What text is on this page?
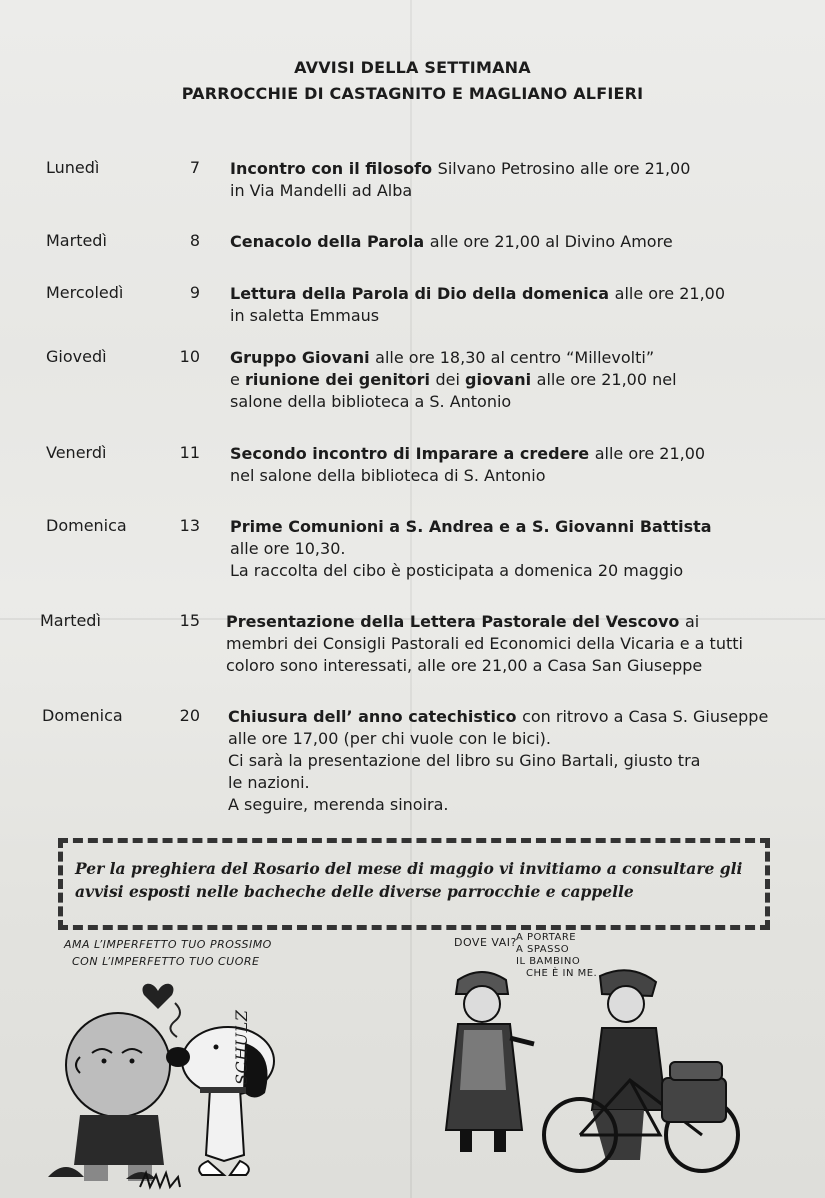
AVVISI DELLA SETTIMANA
PARROCCHIE DI CASTAGNITO E MAGLIANO ALFIERI
Lunedì	7 Incontro con il filosofo Silvano Petrosino alle ore 21,00
in Via Mandelli ad Alba
Martedì	8 Cenacolo della Parola alle ore 21,00 al Divino Amore
Mercoledì	9 Lettura della Parola di Dio della domenica alle ore 21,00
in saletta Emmaus
Giovedì	10 Gruppo Giovani alle ore 18,30 al centro “Millevolti”
e riunione dei genitori dei giovani alle ore 21,00 nel
salone della biblioteca a S. Antonio
Venerdì	11 Secondo incontro di Imparare a credere alle ore 21,00
nel salone della biblioteca di S. Antonio
Domenica	13 Prime Comunioni a S. Andrea e a S. Giovanni Battista
alle ore 10,30.
La raccolta del cibo è posticipata a domenica 20 maggio
Martedì	15 Presentazione della Lettera Pastorale del Vescovo ai
membri dei Consigli Pastorali ed Economici della Vicaria e a tutti
coloro sono interessati, alle ore 21,00 a Casa San Giuseppe
Domenica	20 Chiusura dell’ anno catechistico con ritrovo a Casa S. Giuseppe
alle ore 17,00 (per chi vuole con le bici).
Ci sarà la presentazione del libro su Gino Bartali, giusto tra
le nazioni.
A seguire, merenda sinoira.
Per la preghiera del Rosario del mese di maggio vi invitiamo a consultare gli
avvisi esposti nelle bacheche delle diverse parrocchie e cappelle
AMA L’IMPERFETTO TUO PROSSIMO
CON L’IMPERFETTO TUO CUORE
SCHULZ
DOVE VAI? A PORTARE
A SPASSO
IL BAMBINO
CHE È IN ME.
